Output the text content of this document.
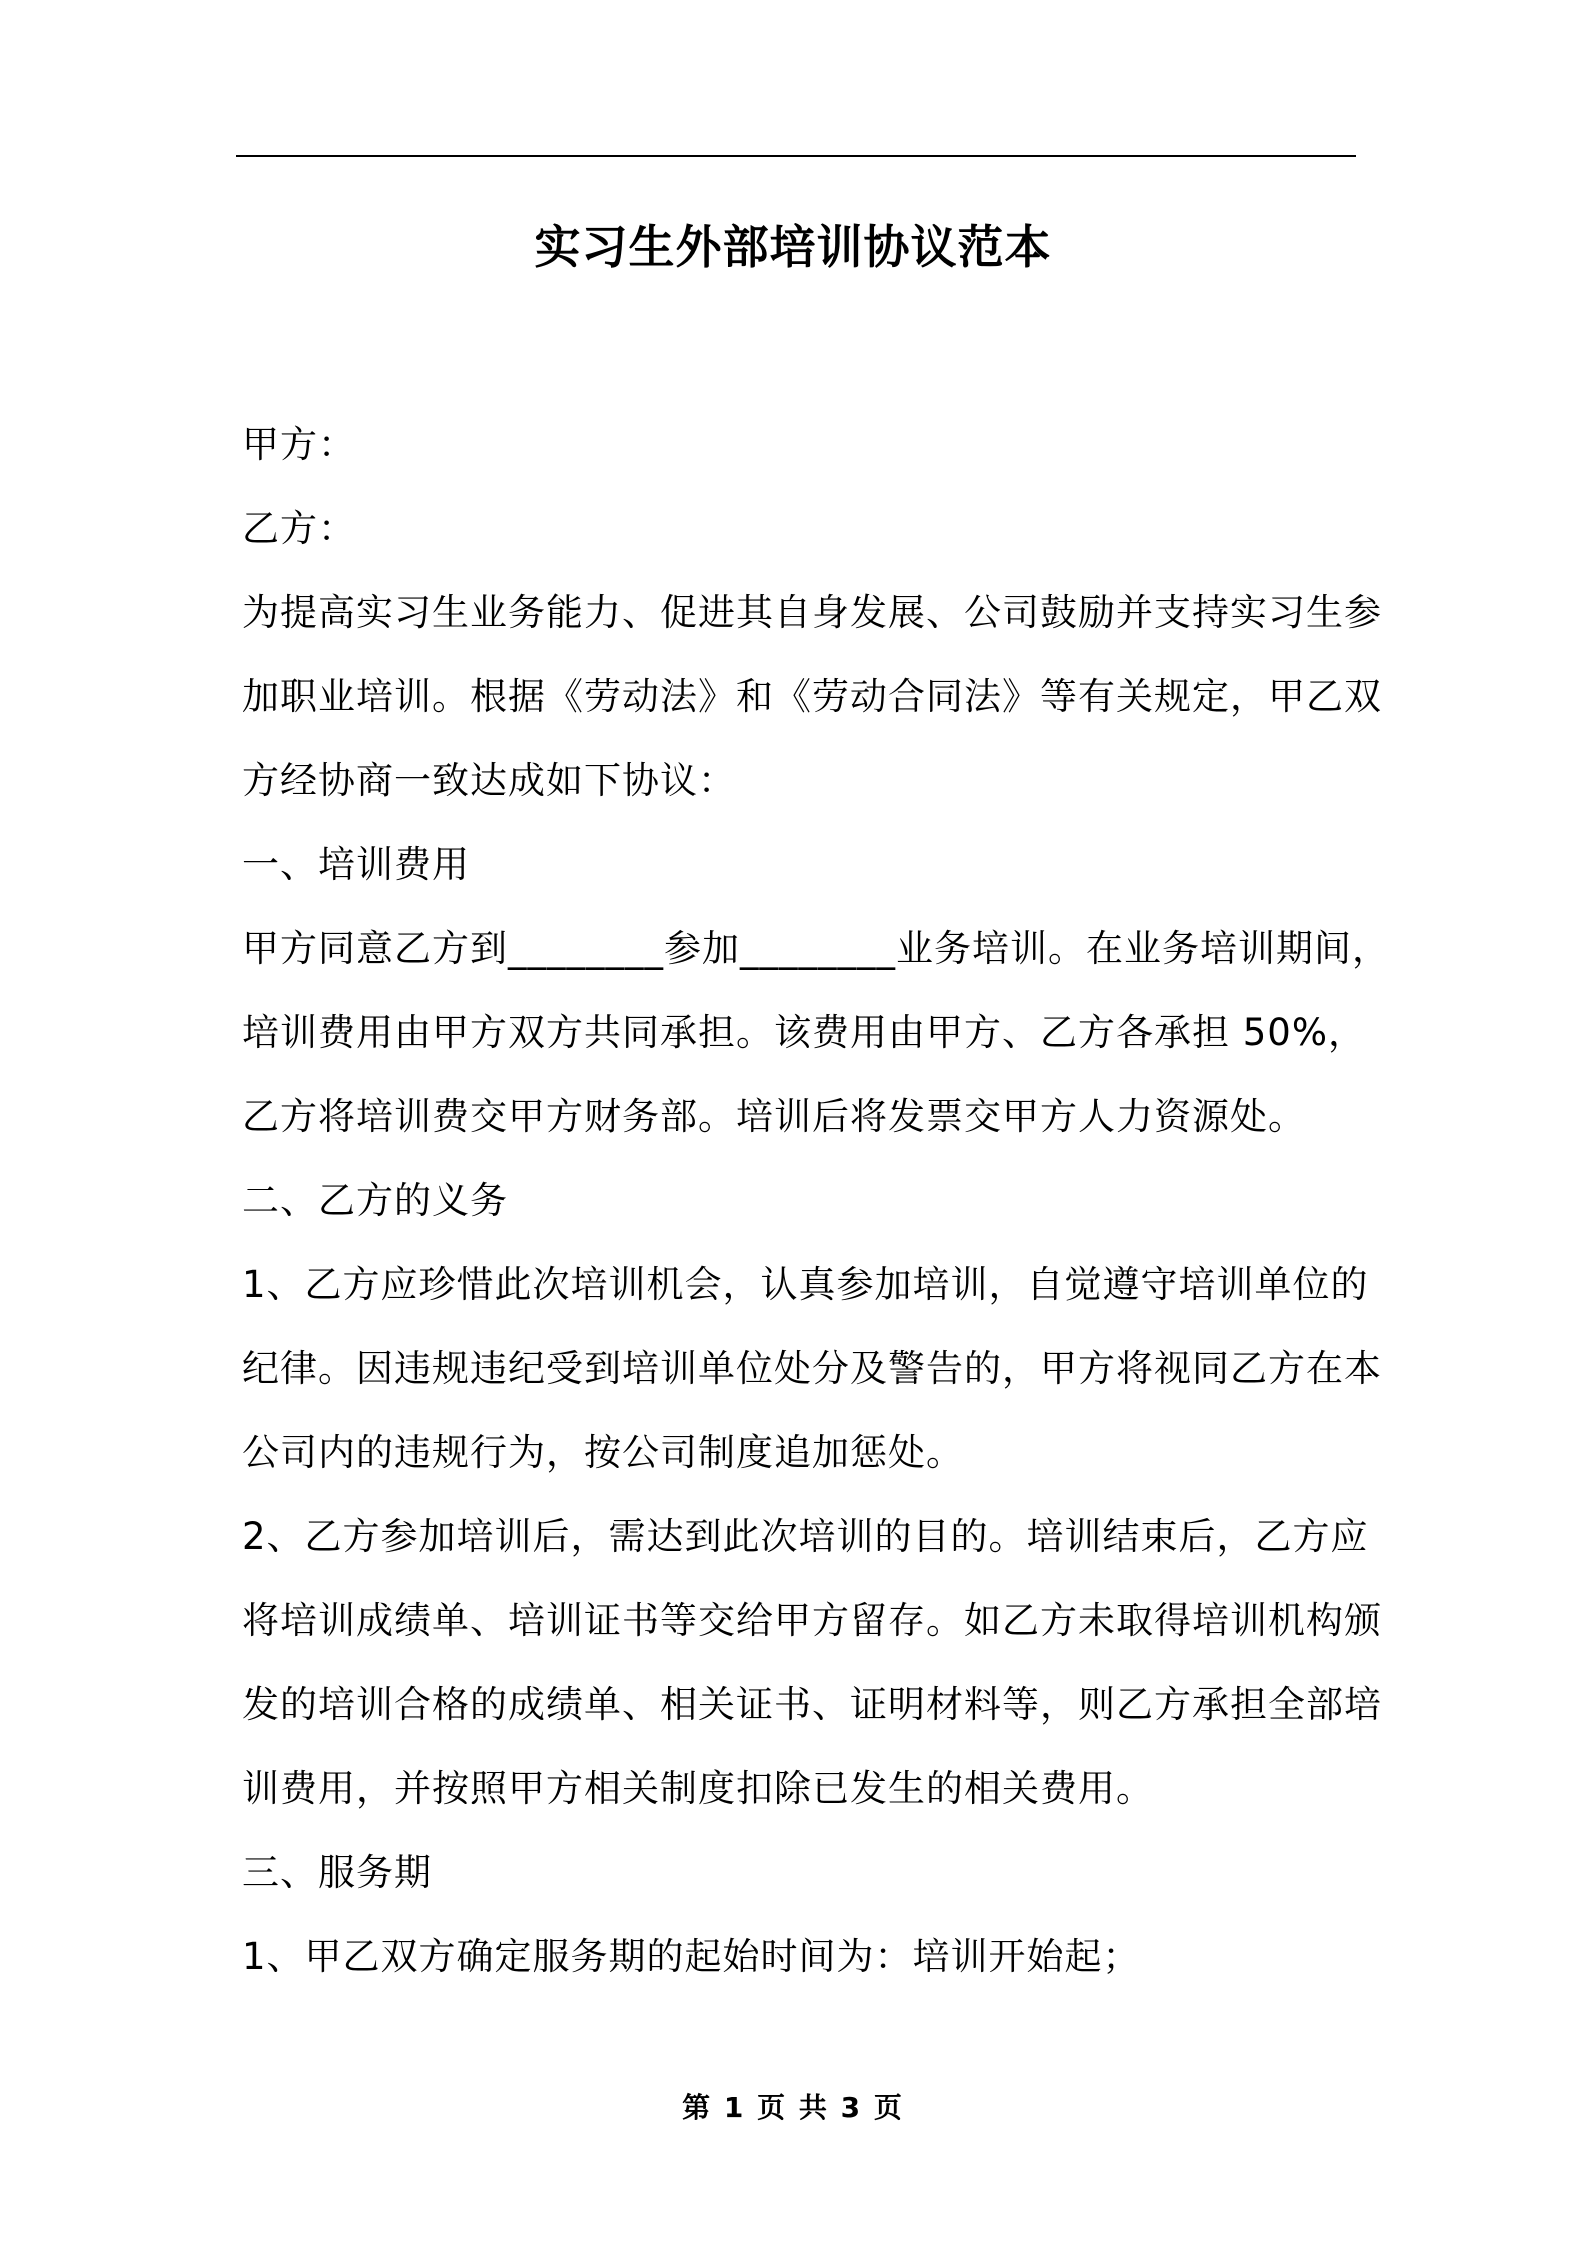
实习生外部培训协议范本
甲方：
乙方：
为提高实习生业务能力、促进其自身发展、公司鼓励并支持实习生参
加职业培训。根据《劳动法》和《劳动合同法》等有关规定，甲乙双
方经协商一致达成如下协议：
一、培训费用
甲方同意乙方到________参加________业务培训。在业务培训期间，
培训费用由甲方双方共同承担。该费用由甲方、乙方各承担 50%，
乙方将培训费交甲方财务部。培训后将发票交甲方人力资源处。
二、乙方的义务
1、乙方应珍惜此次培训机会，认真参加培训，自觉遵守培训单位的
纪律。因违规违纪受到培训单位处分及警告的，甲方将视同乙方在本
公司内的违规行为，按公司制度追加惩处。
2、乙方参加培训后，需达到此次培训的目的。培训结束后，乙方应
将培训成绩单、培训证书等交给甲方留存。如乙方未取得培训机构颁
发的培训合格的成绩单、相关证书、证明材料等，则乙方承担全部培
训费用，并按照甲方相关制度扣除已发生的相关费用。
三、服务期
1、甲乙双方确定服务期的起始时间为：培训开始起；
第 1 页 共 3 页
